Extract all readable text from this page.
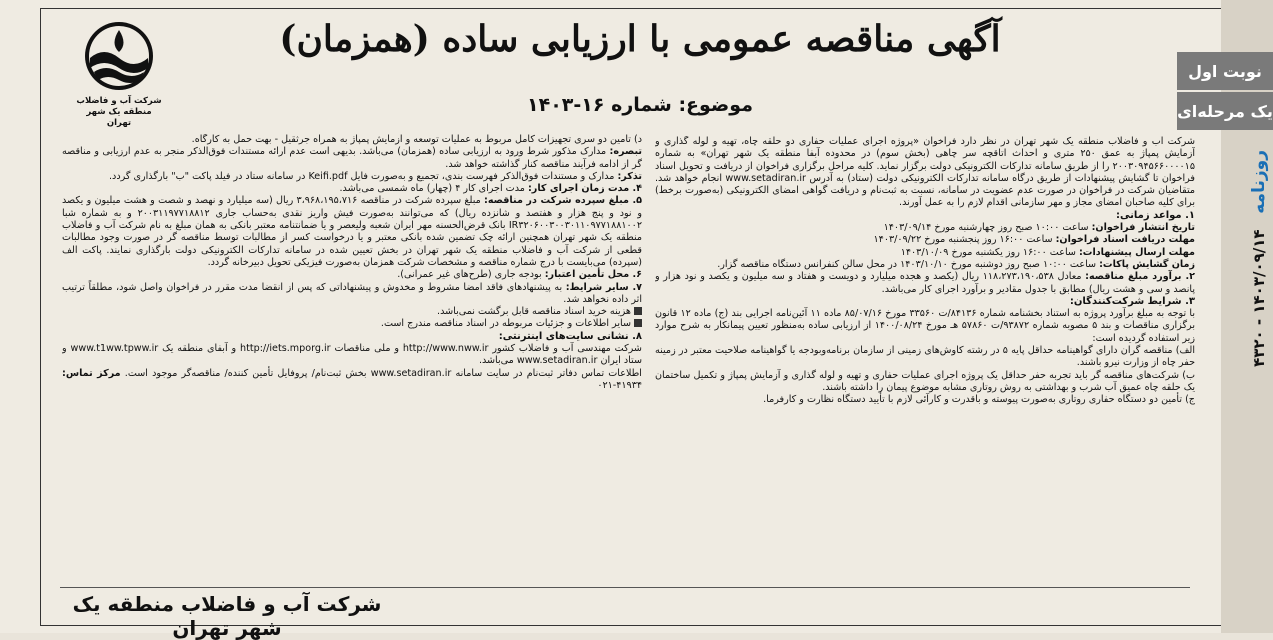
روزنامه   ۱۴۰۳/۰۹/۱۴ - ۴۳۲۰
نوبت اول
یک مرحله‌ای
شرکت آب و فاضلاب
منطقه یک شهر تهران
آگهی مناقصه عمومی با ارزیابی ساده (همزمان)
موضوع: شماره ۱۶-۱۴۰۳

شرکت آب و فاضلاب منطقه یک شهر تهران در نظر دارد فراخوان «پروژه اجرای عملیات حفاری دو حلقه چاه، تهیه و لوله گذاری و آزمایش پمپاژ به عمق ۲۵۰ متری و احداث اتاقچه سر چاهی (بخش سوم) در محدوده آبفا منطقه یک شهر تهران» به شماره ۲۰۰۳۰۹۴۵۶۶۰۰۰۰۱۵ را از طریق سامانه تدارکات الکترونیکی دولت برگزار نماید. کلیه مراحل برگزاری فراخوان از دریافت و تحویل اسناد فراخوان تا گشایش پیشنهادات از طریق درگاه سامانه تدارکات الکترونیکی دولت (ستاد) به آدرس www.setadiran.ir انجام خواهد شد. متقاضیان شرکت در فراخوان در صورت عدم عضویت در سامانه، نسبت به ثبت‌نام و دریافت گواهی امضای الکترونیکی (به‌صورت برخط) برای کلیه صاحبان امضای مجاز و مهر سازمانی اقدام لازم را به عمل آورند.

۱. مواعد زمانی:

تاریخ انتشار فراخوان: ساعت ۱۰:۰۰ صبح روز چهارشنبه مورخ ۱۴۰۳/۰۹/۱۴

مهلت دریافت اسناد فراخوان: ساعت ۱۶:۰۰ روز پنجشنبه مورخ ۱۴۰۳/۰۹/۲۲

مهلت ارسال پیشنهادات: ساعت ۱۶:۰۰ روز یکشنبه مورخ ۱۴۰۳/۱۰/۰۹

زمان گشایش پاکات: ساعت ۱۰:۰۰ صبح روز دوشنبه مورخ ۱۴۰۳/۱۰/۱۰ در محل سالن کنفرانس دستگاه مناقصه گزار.

۲. برآورد مبلغ مناقصه: معادل ۱۱۸،۲۷۳،۱۹۰،۵۳۸ ریال (یکصد و هجده میلیارد و دویست و هفتاد و سه میلیون و یکصد و نود هزار و پانصد و سی و هشت ریال) مطابق با جدول مقادیر و برآورد اجرای کار می‌باشد.

۳. شرایط شرکت‌کنندگان:

با توجه به مبلغ برآورد پروژه به استناد بخشنامه شماره ۸۴۱۳۶/ت ۳۳۵۶۰ مورخ ۸۵/۰۷/۱۶ ماده ۱۱ آئین‌نامه اجرایی بند (ج) ماده ۱۲ قانون برگزاری مناقصات و بند ۵ مصوبه شماره ۹۳۸۷۲/ت ۵۷۸۶۰ هـ مورخ ۱۴۰۰/۰۸/۲۴ از ارزیابی ساده به‌منظور تعیین پیمانکار به شرح موارد زیر استفاده گردیده است:

الف) مناقصه گران دارای گواهینامه حداقل پایه ۵ در رشته کاوش‌های زمینی از سازمان برنامه‌وبودجه یا گواهینامه صلاحیت معتبر در زمینه حفر چاه از وزارت نیرو باشند.

ب) شرکت‌های مناقصه گر باید تجربه حفر حداقل یک پروژه اجرای عملیات حفاری و تهیه و لوله گذاری و آزمایش پمپاژ و تکمیل ساختمان یک حلقه چاه عمیق آب شرب و بهداشتی به روش روتاری مشابه موضوع پیمان را داشته باشند.

ج) تأمین دو دستگاه حفاری روتاری به‌صورت پیوسته و باقدرت و کارآئی لازم با تأیید دستگاه نظارت و کارفرما.

د) تأمین دو سری تجهیزات کامل مربوط به عملیات توسعه و آزمایش پمپاژ به همراه جرثقیل - بهت حمل به کارگاه.

تبصره: مدارک مذکور شرط ورود به ارزیابی ساده (همزمان) می‌باشد. بدیهی است عدم ارائه مستندات فوق‌الذکر منجر به عدم ارزیابی و مناقصه گر از ادامه فرآیند مناقصه کنار گذاشته خواهد شد.

تذکر: مدارک و مستندات فوق‌الذکر فهرست بندی، تجمیع و به‌صورت فایل Keifi.pdf در سامانه ستاد در فیلد پاکت "ب" بارگذاری گردد.

۴. مدت زمان اجرای کار: مدت اجرای کار ۴ (چهار) ماه شمسی می‌باشد.

۵. مبلغ سپرده شرکت در مناقصه: مبلغ سپرده شرکت در مناقصه ۳،۹۶۸،۱۹۵،۷۱۶ ریال (سه میلیارد و نهصد و شصت و هشت میلیون و یکصد و نود و پنج هزار و هفتصد و شانزده ریال) که می‌توانند به‌صورت فیش واریز نقدی به‌حساب جاری ۲۰۰۳۱۱۹۷۷۱۸۸۱۲ و به شماره شبا IR۳۲۰۶۰۰۳۰۰۳۰۱۱۰۹۷۷۱۸۸۱۰۰۲ بانک قرض‌الحسنه مهر ایران شعبه ولیعصر و یا ضمانتنامه معتبر بانکی به همان مبلغ به نام شرکت آب و فاضلاب منطقه یک شهر تهران همچنین ارائه چک تضمین شده بانکی معتبر و یا درخواست کسر از مطالبات توسط مناقصه گر در صورت وجود مطالبات قطعی از شرکت آب و فاضلاب منطقه یک شهر تهران در بخش تعیین شده در سامانه تدارکات الکترونیکی دولت بارگذاری نمایند. پاکت الف (سپرده) می‌بایست با درج شماره مناقصه و مشخصات شرکت همزمان به‌صورت فیزیکی تحویل دبیرخانه گردد.

۶. محل تأمین اعتبار: بودجه جاری (طرح‌های غیر عمرانی).

۷. سایر شرایط: به پیشنهادهای فاقد امضا مشروط و مخدوش و پیشنهاداتی که پس از انقضا مدت مقرر در فراخوان واصل شود، مطلقاً ترتیب اثر داده نخواهد شد.

هزینه خرید اسناد مناقصه قابل برگشت نمی‌باشد.

سایر اطلاعات و جزئیات مربوطه در اسناد مناقصه مندرج است.

۸. نشانی سایت‌های اینترنتی:

شرکت مهندسی آب و فاضلاب کشور http://www.nww.ir و ملی مناقصات http://iets.mporg.ir و آبفای منطقه یک www.t1ww.tpww.ir و ستاد ایران www.setadiran.ir می‌باشد.

اطلاعات تماس دفاتر ثبت‌نام در سایت سامانه www.setadiran.ir بخش ثبت‌نام/ پروفایل تأمین کننده/ مناقصه‌گر موجود است. مرکز تماس: ۰۲۱-۴۱۹۳۴

شرکت آب و فاضلاب منطقه یک شهر تهران
